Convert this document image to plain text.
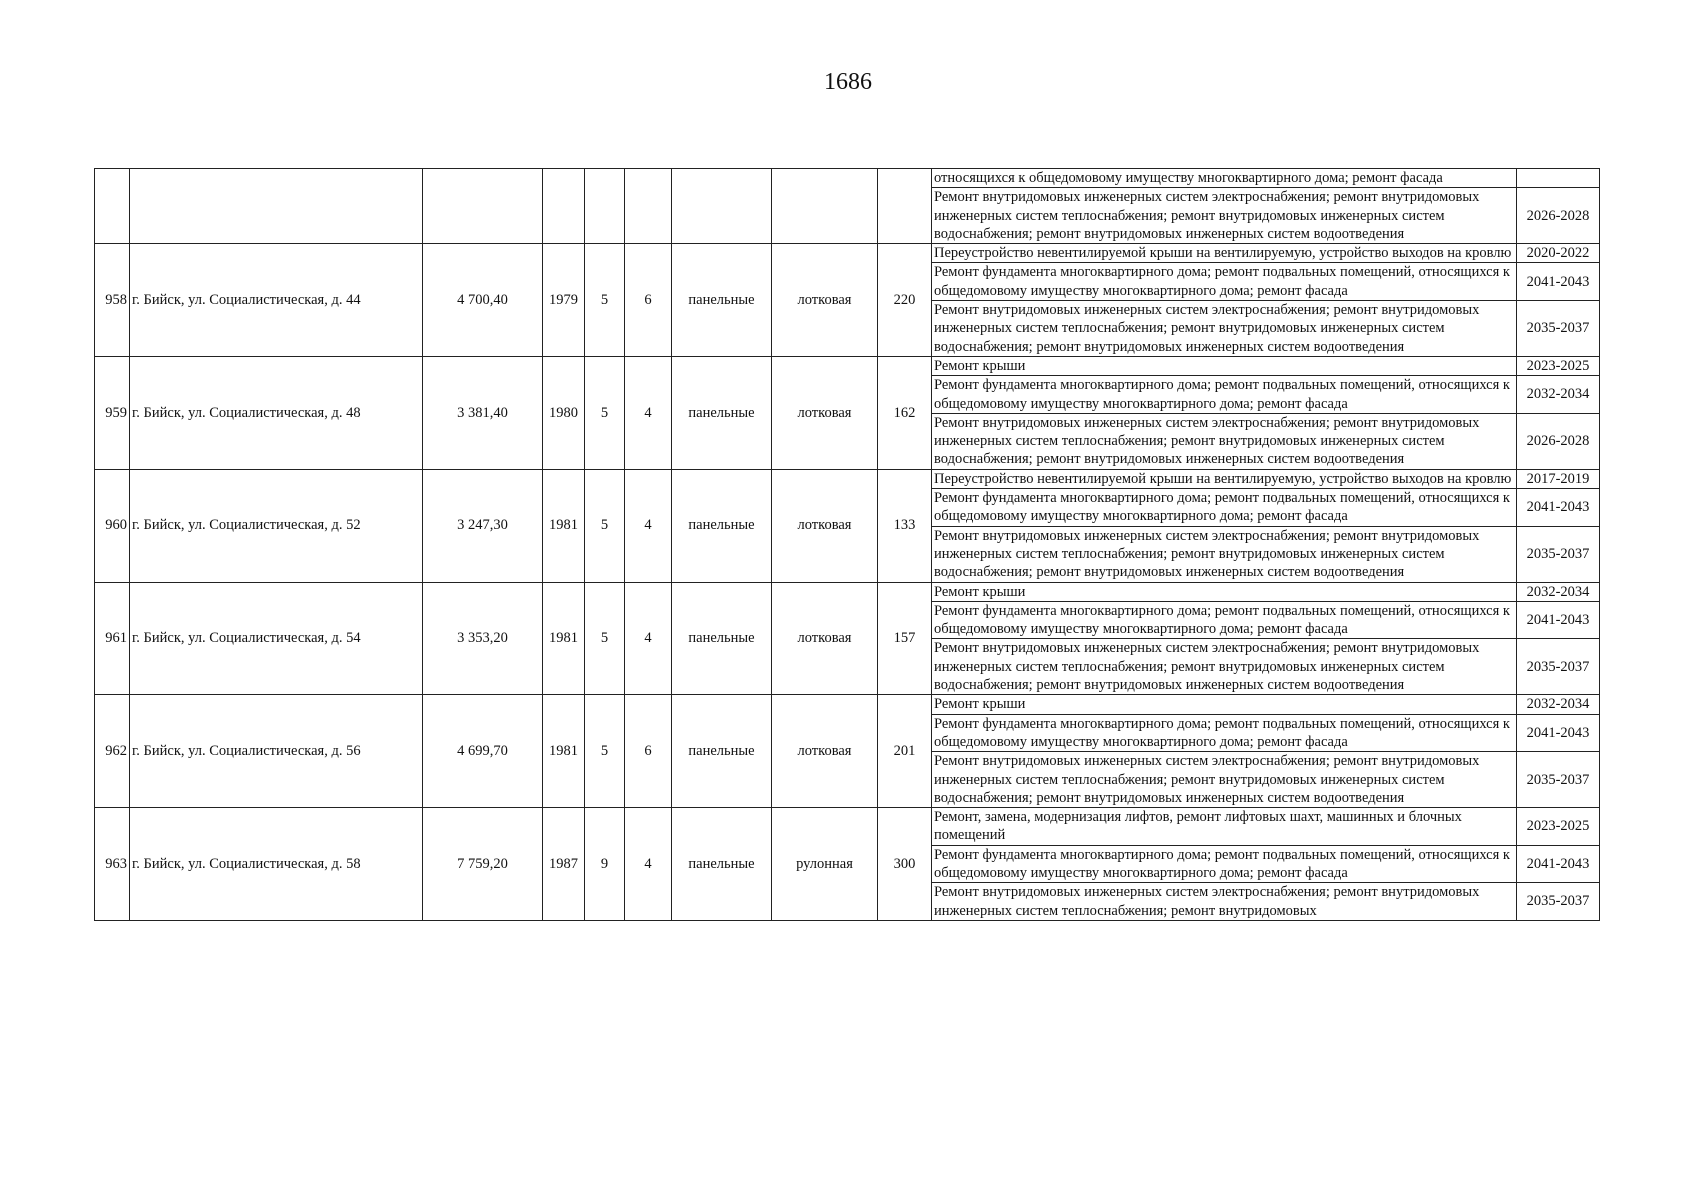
1686
									относящихся к общедомовому имуществу многоквартирного дома; ремонт фасада	
									Ремонт внутридомовых инженерных систем электроснабжения; ремонт внутридомовых инженерных систем теплоснабжения; ремонт внутридомовых инженерных систем водоснабжения; ремонт внутридомовых инженерных систем водоотведения	2026-2028
958	г. Бийск, ул. Социалистическая, д. 44	4 700,40	1979	5	6	панельные	лотковая	220	Переустройство невентилируемой крыши на вентилируемую, устройство выходов на кровлю	2020-2022
									Ремонт фундамента многоквартирного дома; ремонт подвальных помещений, относящихся к общедомовому имуществу многоквартирного дома; ремонт фасада	2041-2043
									Ремонт внутридомовых инженерных систем электроснабжения; ремонт внутридомовых инженерных систем теплоснабжения; ремонт внутридомовых инженерных систем водоснабжения; ремонт внутридомовых инженерных систем водоотведения	2035-2037
959	г. Бийск, ул. Социалистическая, д. 48	3 381,40	1980	5	4	панельные	лотковая	162	Ремонт крыши	2023-2025
									Ремонт фундамента многоквартирного дома; ремонт подвальных помещений, относящихся к общедомовому имуществу многоквартирного дома; ремонт фасада	2032-2034
									Ремонт внутридомовых инженерных систем электроснабжения; ремонт внутридомовых инженерных систем теплоснабжения; ремонт внутридомовых инженерных систем водоснабжения; ремонт внутридомовых инженерных систем водоотведения	2026-2028
960	г. Бийск, ул. Социалистическая, д. 52	3 247,30	1981	5	4	панельные	лотковая	133	Переустройство невентилируемой крыши на вентилируемую, устройство выходов на кровлю	2017-2019
									Ремонт фундамента многоквартирного дома; ремонт подвальных помещений, относящихся к общедомовому имуществу многоквартирного дома; ремонт фасада	2041-2043
									Ремонт внутридомовых инженерных систем электроснабжения; ремонт внутридомовых инженерных систем теплоснабжения; ремонт внутридомовых инженерных систем водоснабжения; ремонт внутридомовых инженерных систем водоотведения	2035-2037
961	г. Бийск, ул. Социалистическая, д. 54	3 353,20	1981	5	4	панельные	лотковая	157	Ремонт крыши	2032-2034
									Ремонт фундамента многоквартирного дома; ремонт подвальных помещений, относящихся к общедомовому имуществу многоквартирного дома; ремонт фасада	2041-2043
									Ремонт внутридомовых инженерных систем электроснабжения; ремонт внутридомовых инженерных систем теплоснабжения; ремонт внутридомовых инженерных систем водоснабжения; ремонт внутридомовых инженерных систем водоотведения	2035-2037
962	г. Бийск, ул. Социалистическая, д. 56	4 699,70	1981	5	6	панельные	лотковая	201	Ремонт крыши	2032-2034
									Ремонт фундамента многоквартирного дома; ремонт подвальных помещений, относящихся к общедомовому имуществу многоквартирного дома; ремонт фасада	2041-2043
									Ремонт внутридомовых инженерных систем электроснабжения; ремонт внутридомовых инженерных систем теплоснабжения; ремонт внутридомовых инженерных систем водоснабжения; ремонт внутридомовых инженерных систем водоотведения	2035-2037
963	г. Бийск, ул. Социалистическая, д. 58	7 759,20	1987	9	4	панельные	рулонная	300	Ремонт, замена, модернизация лифтов, ремонт лифтовых шахт, машинных и блочных помещений	2023-2025
									Ремонт фундамента многоквартирного дома; ремонт подвальных помещений, относящихся к общедомовому имуществу многоквартирного дома; ремонт фасада	2041-2043
									Ремонт внутридомовых инженерных систем электроснабжения; ремонт внутридомовых инженерных систем теплоснабжения; ремонт внутридомовых	2035-2037
